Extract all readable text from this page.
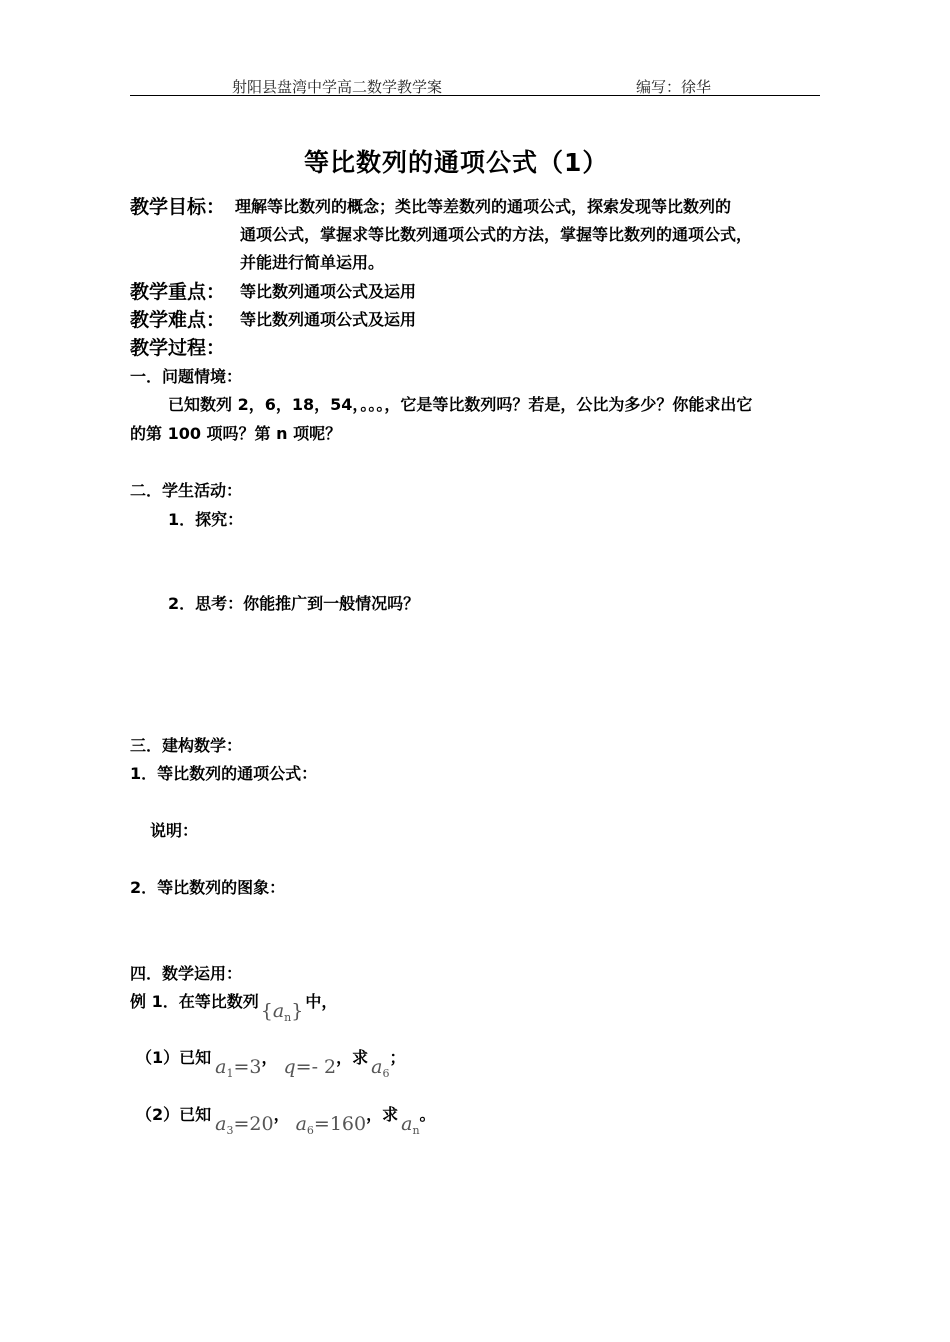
射阳县盘湾中学高二数学教学案	编写：徐华
等比数列的通项公式（1）
教学目标： 理解等比数列的概念；类比等差数列的通项公式，探索发现等比数列的
通项公式，掌握求等比数列通项公式的方法，掌握等比数列的通项公式，
并能进行简单运用。
教学重点： 等比数列通项公式及运用
教学难点： 等比数列通项公式及运用
教学过程：
一．问题情境：
已知数列 2，6，18，54，。。。，它是等比数列吗？若是，公比为多少？你能求出它
的第 100 项吗？第 n 项呢？
二．学生活动：
1．探究：
2．思考：你能推广到一般情况吗？
三．建构数学：
1．等比数列的通项公式：
说明：
2．等比数列的图象：
四．数学运用：
例 1．在等比数列 $\{a_n\}$ 中，
（1）已知 $a_1=3$， q=- 2，求 $a_6$；
（2）已知 $a_3=20$， $a_6=160$，求 $a_n$。
